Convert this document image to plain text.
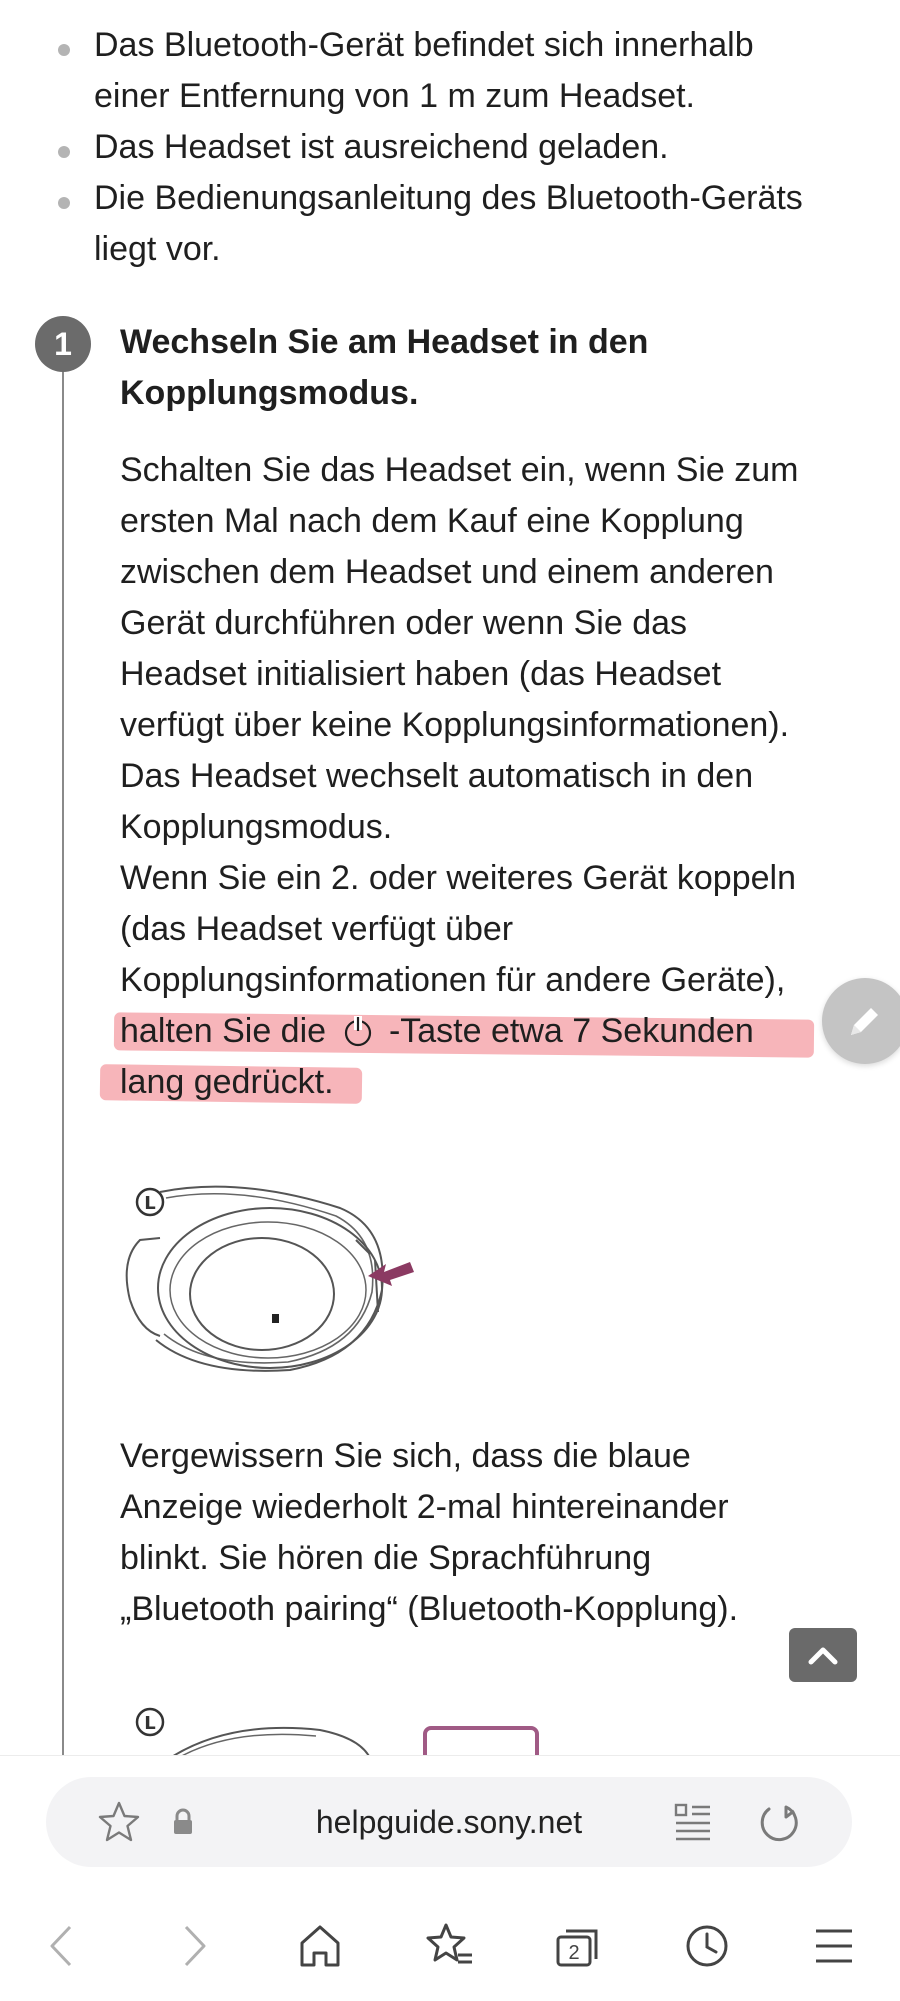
Das Bluetooth-Gerät befindet sich innerhalb
einer Entfernung von 1 m zum Headset.
Das Headset ist ausreichend geladen.
Die Bedienungsanleitung des Bluetooth-Geräts
liegt vor.
1	Wechseln Sie am Headset in den
Kopplungsmodus.
Schalten Sie das Headset ein, wenn Sie zum
ersten Mal nach dem Kauf eine Kopplung
zwischen dem Headset und einem anderen
Gerät durchführen oder wenn Sie das
Headset initialisiert haben (das Headset
verfügt über keine Kopplungsinformationen).
Das Headset wechselt automatisch in den
Kopplungsmodus.
Wenn Sie ein 2. oder weiteres Gerät koppeln
(das Headset verfügt über
Kopplungsinformationen für andere Geräte),
halten Sie die -Taste etwa 7 Sekunden
lang gedrückt.
L
Vergewissern Sie sich, dass die blaue
Anzeige wiederholt 2-mal hintereinander
blinkt. Sie hören die Sprachführung
„Bluetooth pairing“ (Bluetooth-Kopplung).
L
helpguide.sony.net
2
